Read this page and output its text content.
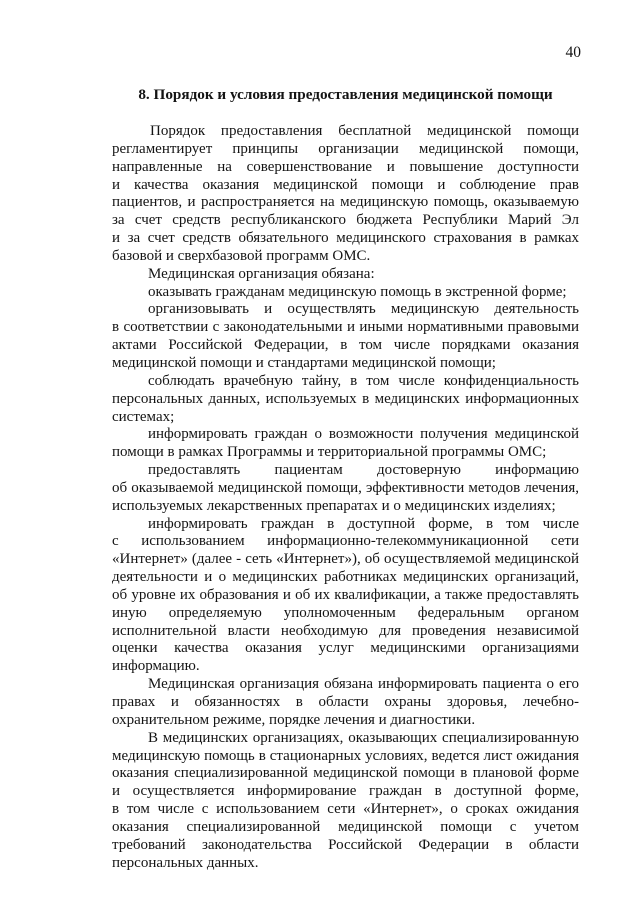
40
8. Порядок и условия предоставления медицинской помощи
Порядок предоставления бесплатной медицинской помощи
регламентирует принципы организации медицинской помощи,
направленные на совершенствование и повышение доступности
и качества оказания медицинской помощи и соблюдение прав
пациентов, и распространяется на медицинскую помощь, оказываемую
за счет средств республиканского бюджета Республики Марий Эл
и за счет средств обязательного медицинского страхования в рамках
базовой и сверхбазовой программ ОМС.
Медицинская организация обязана:
оказывать гражданам медицинскую помощь в экстренной форме;
организовывать и осуществлять медицинскую деятельность
в соответствии с законодательными и иными нормативными правовыми
актами Российской Федерации, в том числе порядками оказания
медицинской помощи и стандартами медицинской помощи;
соблюдать врачебную тайну, в том числе конфиденциальность
персональных данных, используемых в медицинских информационных
системах;
информировать граждан о возможности получения медицинской
помощи в рамках Программы и территориальной программы ОМС;
предоставлять пациентам достоверную информацию
об оказываемой медицинской помощи, эффективности методов лечения,
используемых лекарственных препаратах и о медицинских изделиях;
информировать граждан в доступной форме, в том числе
с использованием информационно-телекоммуникационной сети
«Интернет» (далее - сеть «Интернет»), об осуществляемой медицинской
деятельности и о медицинских работниках медицинских организаций,
об уровне их образования и об их квалификации, а также предоставлять
иную определяемую уполномоченным федеральным органом
исполнительной власти необходимую для проведения независимой
оценки качества оказания услуг медицинскими организациями
информацию.
Медицинская организация обязана информировать пациента о его
правах и обязанностях в области охраны здоровья, лечебно-
охранительном режиме, порядке лечения и диагностики.
В медицинских организациях, оказывающих специализированную
медицинскую помощь в стационарных условиях, ведется лист ожидания
оказания специализированной медицинской помощи в плановой форме
и осуществляется информирование граждан в доступной форме,
в том числе с использованием сети «Интернет», о сроках ожидания
оказания специализированной медицинской помощи с учетом
требований законодательства Российской Федерации в области
персональных данных.
